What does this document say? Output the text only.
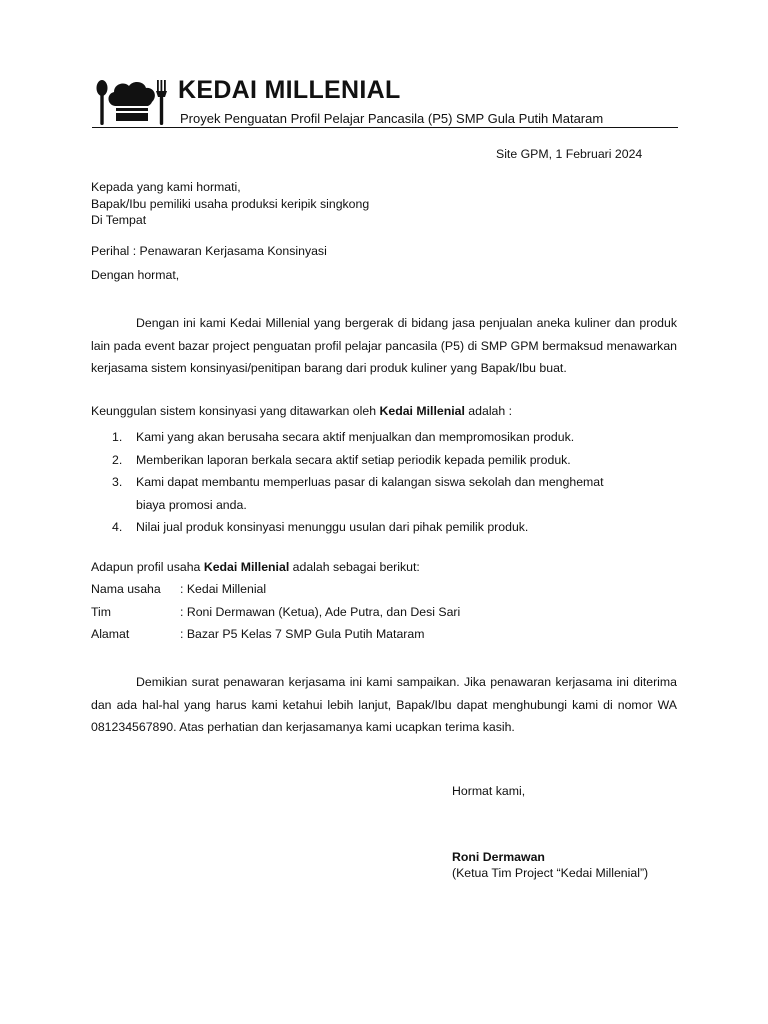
KEDAI MILLENIAL
Proyek Penguatan Profil Pelajar Pancasila (P5) SMP Gula Putih Mataram
Site GPM, 1 Februari 2024
Kepada yang kami hormati,
Bapak/Ibu pemiliki usaha produksi keripik singkong
Di Tempat
Perihal : Penawaran Kerjasama Konsinyasi
Dengan hormat,
Dengan ini kami Kedai Millenial yang bergerak di bidang jasa penjualan aneka kuliner dan produk lain pada event bazar project penguatan profil pelajar pancasila (P5) di SMP GPM bermaksud menawarkan kerjasama sistem konsinyasi/penitipan barang dari produk kuliner yang Bapak/Ibu buat.
Keunggulan sistem konsinyasi yang ditawarkan oleh Kedai Millenial adalah :
1. Kami yang akan berusaha secara aktif menjualkan dan mempromosikan produk.
2. Memberikan laporan berkala secara aktif setiap periodik kepada pemilik produk.
3. Kami dapat membantu memperluas pasar di kalangan siswa sekolah dan menghemat biaya promosi anda.
4. Nilai jual produk konsinyasi menunggu usulan dari pihak pemilik produk.
Adapun profil usaha Kedai Millenial adalah sebagai berikut:
Nama usaha : Kedai Millenial
Tim	: Roni Dermawan (Ketua), Ade Putra, dan Desi Sari
Alamat	: Bazar P5 Kelas 7 SMP Gula Putih Mataram
Demikian surat penawaran kerjasama ini kami sampaikan. Jika penawaran kerjasama ini diterima dan ada hal-hal yang harus kami ketahui lebih lanjut, Bapak/Ibu dapat menghubungi kami di nomor WA 081234567890. Atas perhatian dan kerjasamanya kami ucapkan terima kasih.
Hormat kami,
Roni Dermawan
(Ketua Tim Project “Kedai Millenial”)
